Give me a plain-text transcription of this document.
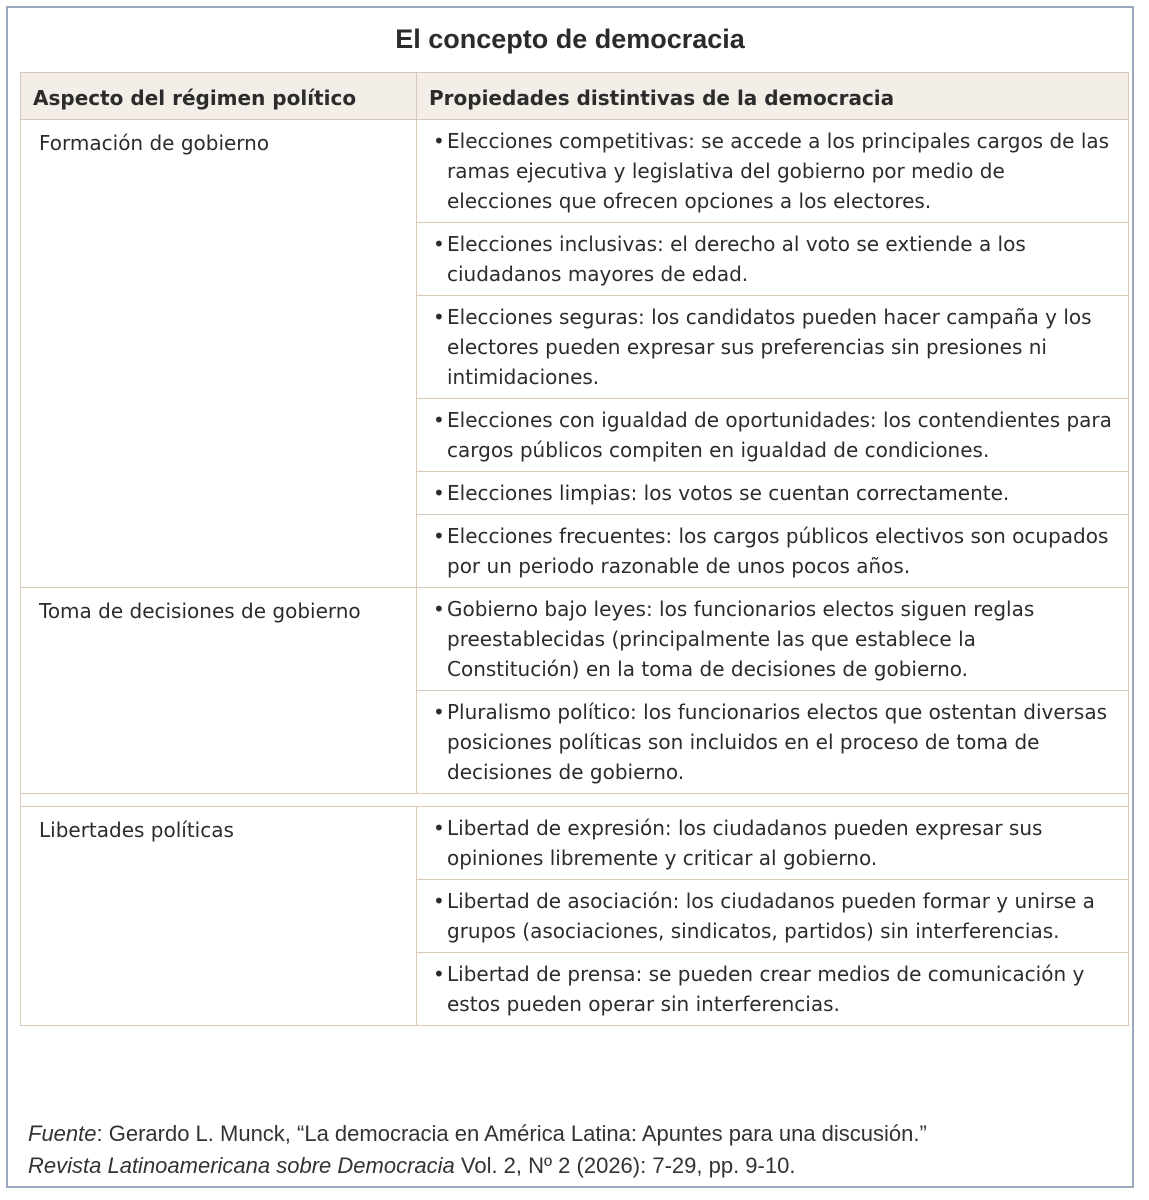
El concepto de democracia
Aspecto del régimen político	Propiedades distintivas de la democracia
Formación de gobierno	• Elecciones competitivas: se accede a los principales cargos de las ramas ejecutiva y legislativa del gobierno por medio de elecciones que ofrecen opciones a los electores.

	• Elecciones inclusivas: el derecho al voto se extiende a los ciudadanos mayores de edad.

	• Elecciones seguras: los candidatos pueden hacer campaña y los electores pueden expresar sus preferencias sin presiones ni intimidaciones.

	• Elecciones con igualdad de oportunidades: los contendientes para cargos públicos compiten en igualdad de condiciones.

	• Elecciones limpias: los votos se cuentan correctamente.

	• Elecciones frecuentes: los cargos públicos electivos son ocupados por un periodo razonable de unos pocos años.

Toma de decisiones de gobierno	• Gobierno bajo leyes: los funcionarios electos siguen reglas preestablecidas (principalmente las que establece la Constitución) en la toma de decisiones de gobierno.

	• Pluralismo político: los funcionarios electos que ostentan diversas posiciones políticas son incluidos en el proceso de toma de decisiones de gobierno.

Libertades políticas	• Libertad de expresión: los ciudadanos pueden expresar sus opiniones libremente y criticar al gobierno.

	• Libertad de asociación: los ciudadanos pueden formar y unirse a grupos (asociaciones, sindicatos, partidos) sin interferencias.

	• Libertad de prensa: se pueden crear medios de comunicación y estos pueden operar sin interferencias.
Fuente: Gerardo L. Munck, “La democracia en América Latina: Apuntes para una discusión.”
Revista Latinoamericana sobre Democracia Vol. 2, Nº 2 (2026): 7-29, pp. 9-10.
